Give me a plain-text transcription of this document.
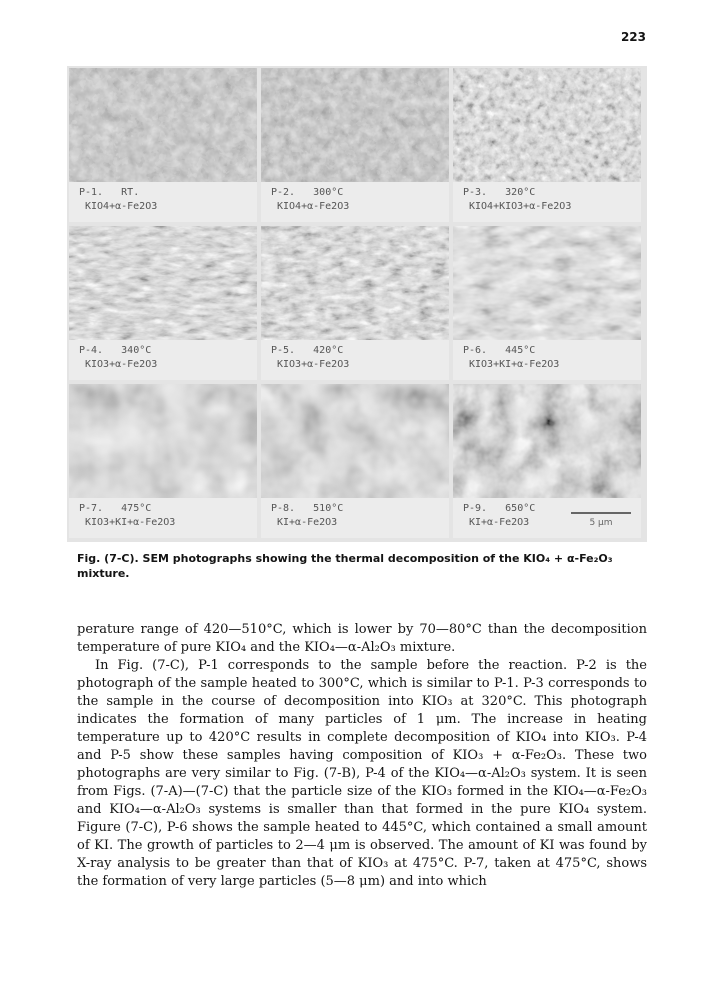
223
P-1. RT.
KIO4+α-Fe2O3
P-2. 300°C
KIO4+α-Fe2O3
P-3. 320°C
KIO4+KIO3+α-Fe2O3
P-4. 340°C
KIO3+α-Fe2O3
P-5. 420°C
KIO3+α-Fe2O3
P-6. 445°C
KIO3+KI+α-Fe2O3
P-7. 475°C
KIO3+KI+α-Fe2O3
P-8. 510°C
KI+α-Fe2O3
P-9. 650°C
KI+α-Fe2O3	5 μm
Fig. (7-C). SEM photographs showing the thermal decomposition of the KIO₄ + α-Fe₂O₃ mixture.

perature range of 420—510°C, which is lower by 70—80°C than the decomposition temperature of pure KIO₄ and the KIO₄—α-Al₂O₃ mixture.

In Fig. (7-C), P-1 corresponds to the sample before the reaction. P-2 is the photograph of the sample heated to 300°C, which is similar to P-1. P-3 corresponds to the sample in the course of decomposition into KIO₃ at 320°C. This photograph indicates the formation of many particles of 1 μm. The increase in heating temperature up to 420°C results in complete decomposition of KIO₄ into KIO₃. P-4 and P-5 show these samples having composition of KIO₃ + α-Fe₂O₃. These two photographs are very similar to Fig. (7-B), P-4 of the KIO₄—α-Al₂O₃ system. It is seen from Figs. (7-A)—(7-C) that the particle size of the KIO₃ formed in the KIO₄—α-Fe₂O₃ and KIO₄—α-Al₂O₃ systems is smaller than that formed in the pure KIO₄ system. Figure (7-C), P-6 shows the sample heated to 445°C, which contained a small amount of KI. The growth of particles to 2—4 μm is observed. The amount of KI was found by X-ray analysis to be greater than that of KIO₃ at 475°C. P-7, taken at 475°C, shows the formation of very large particles (5—8 μm) and into which
